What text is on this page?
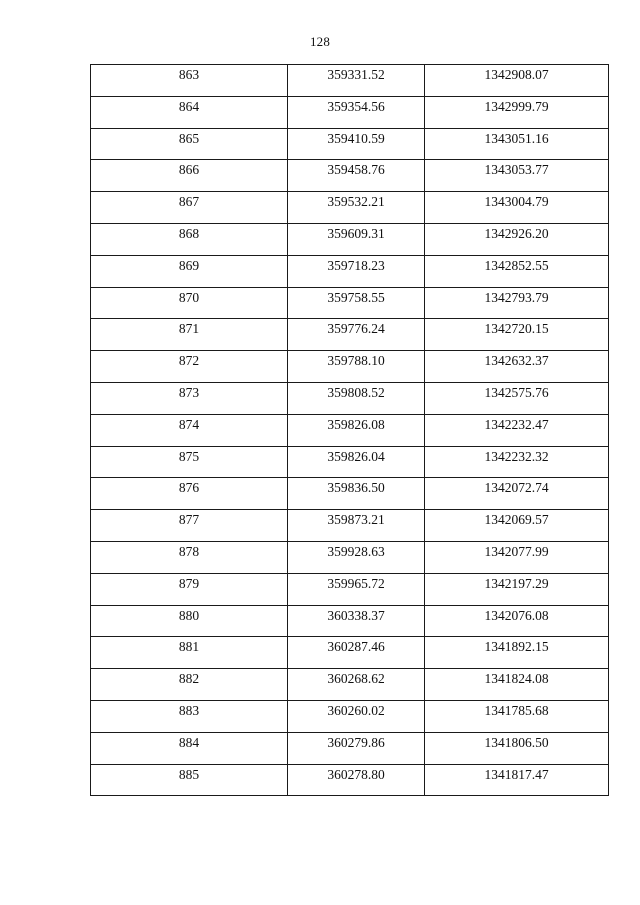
128
863	359331.52	1342908.07

864	359354.56	1342999.79

865	359410.59	1343051.16

866	359458.76	1343053.77

867	359532.21	1343004.79

868	359609.31	1342926.20

869	359718.23	1342852.55

870	359758.55	1342793.79

871	359776.24	1342720.15

872	359788.10	1342632.37

873	359808.52	1342575.76

874	359826.08	1342232.47

875	359826.04	1342232.32

876	359836.50	1342072.74

877	359873.21	1342069.57

878	359928.63	1342077.99

879	359965.72	1342197.29

880	360338.37	1342076.08

881	360287.46	1341892.15

882	360268.62	1341824.08

883	360260.02	1341785.68

884	360279.86	1341806.50

885	360278.80	1341817.47
